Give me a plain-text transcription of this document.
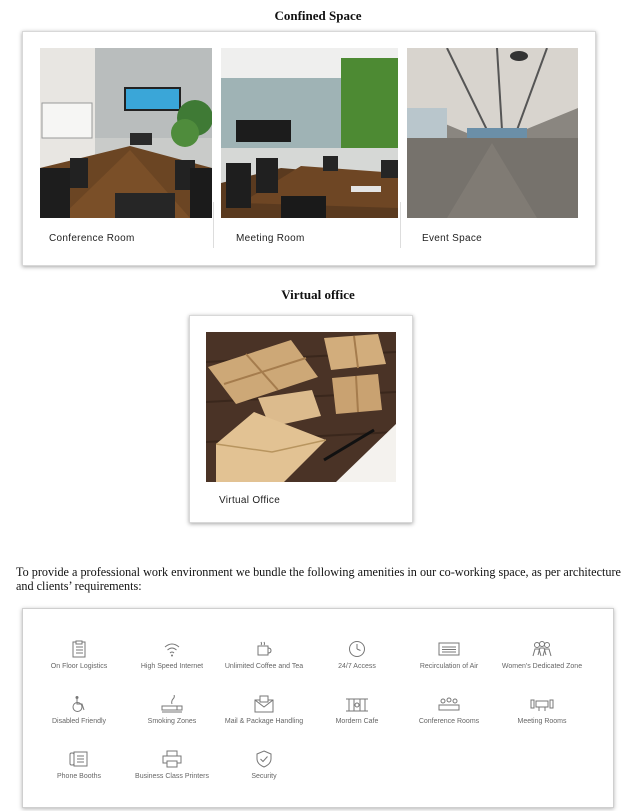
Confined Space
Conference Room	Meeting Room	Event Space
Virtual office
Virtual Office
To provide a professional work environment we bundle the following amenities in our co-working space, as per architecture and clients’ requirements:
On Floor Logistics	High Speed Internet	Unlimited Coffee and Tea	24/7 Access	Recirculation of Air	Women's Dedicated Zone
Disabled Friendly	Smoking Zones	Mail & Package Handling	Mordern Cafe	Conference Rooms	Meeting Rooms
Phone Booths	Business Class Printers	Security
